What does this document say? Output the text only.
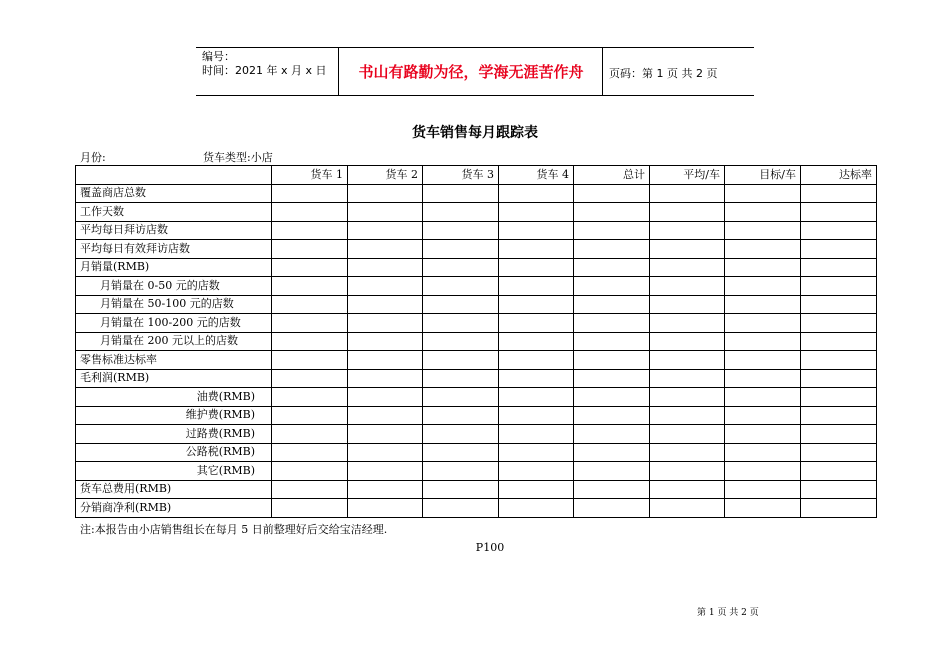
编号：
时间：2021 年 x 月 x 日	书山有路勤为径，学海无涯苦作舟	页码：第 1 页 共 2 页
货车销售每月跟踪表
月份:	货车类型:小店
	货车 1	货车 2	货车 3	货车 4	总计	平均/车	目标/车	达标率
覆盖商店总数								
工作天数								
平均每日拜访店数								
平均每日有效拜访店数								
月销量(RMB)								
月销量在 0-50 元的店数								
月销量在 50-100 元的店数								
月销量在 100-200 元的店数								
月销量在 200 元以上的店数								
零售标准达标率								
毛利润(RMB)								
油费(RMB)								
维护费(RMB)								
过路费(RMB)								
公路税(RMB)								
其它(RMB)								
货车总费用(RMB)								
分销商净利(RMB)								
注:本报告由小店销售组长在每月 5 日前整理好后交给宝洁经理.
P100
第 1 页 共 2 页
